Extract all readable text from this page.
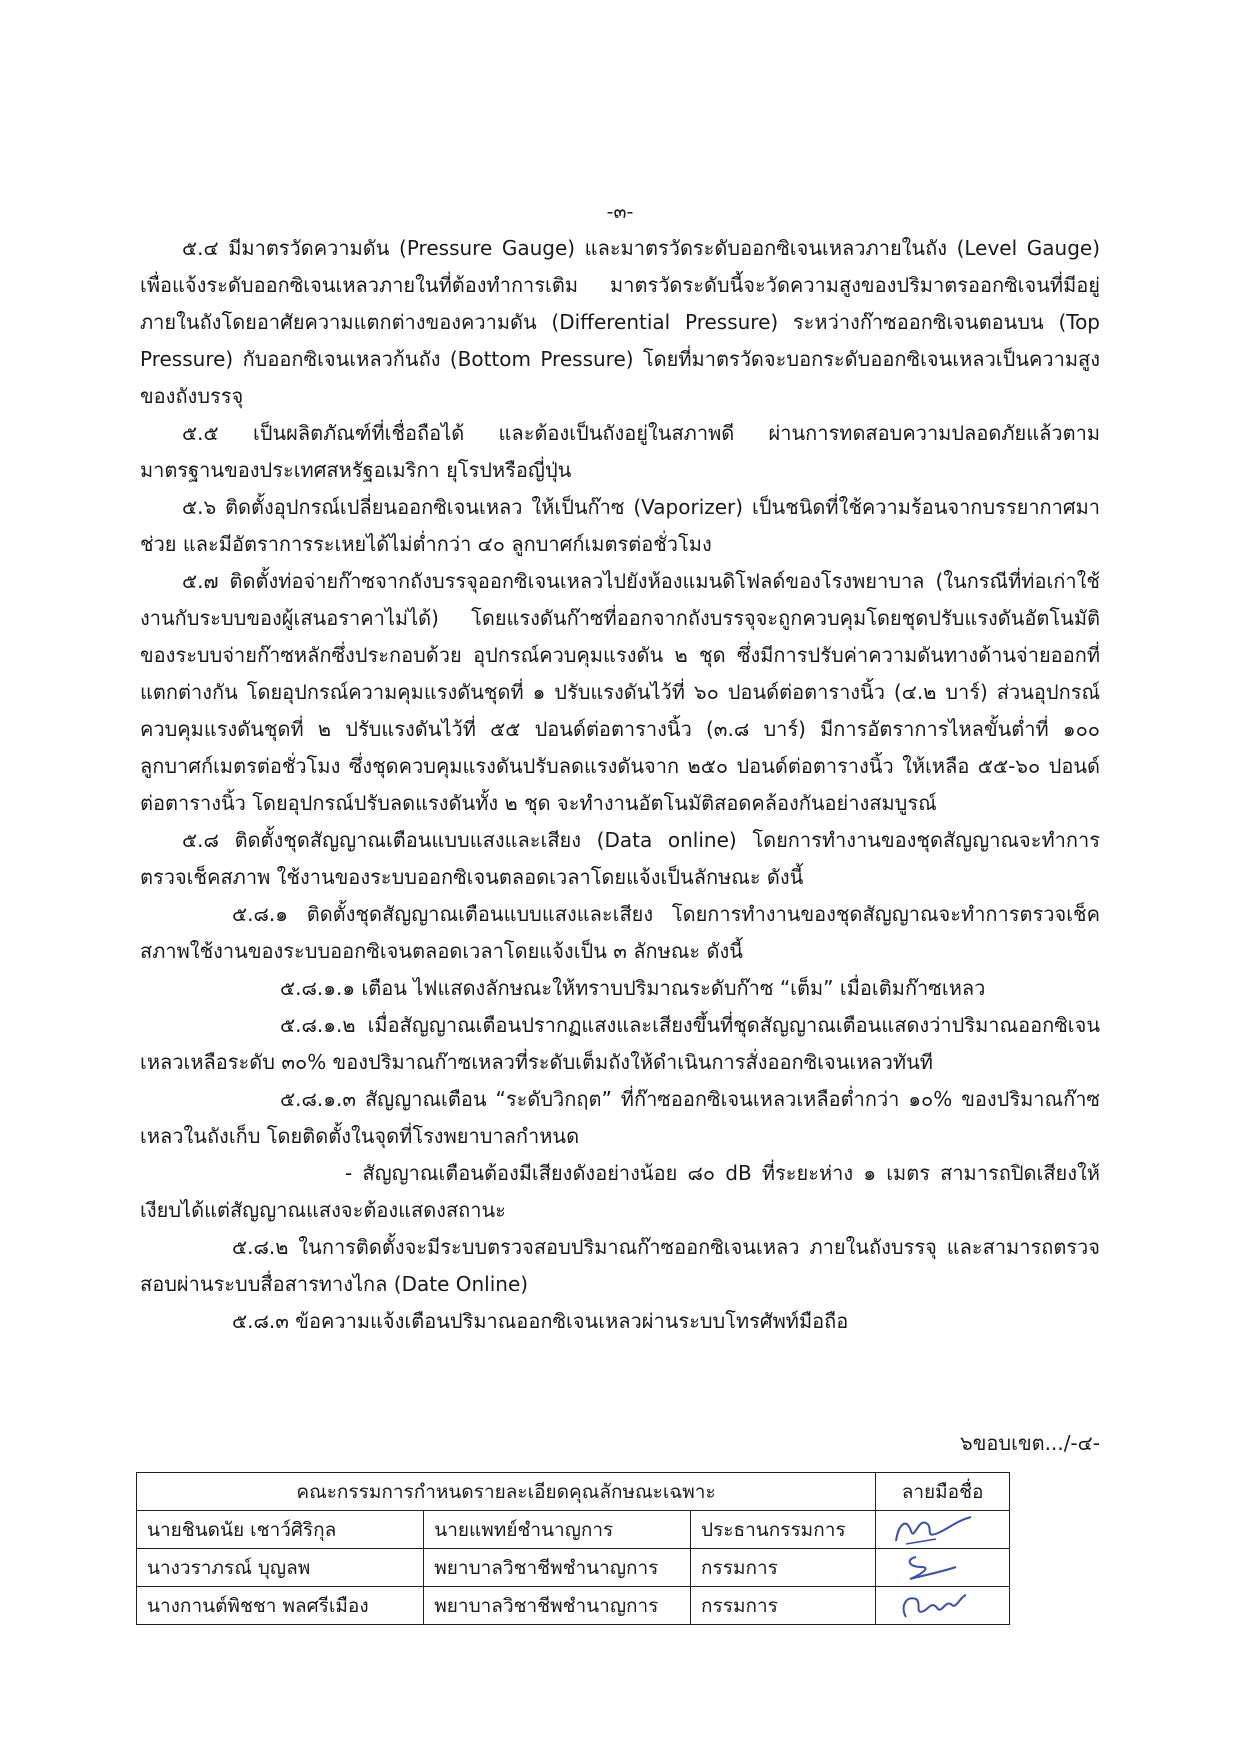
-๓-

๕.๔ มีมาตรวัดความดัน (Pressure Gauge) และมาตรวัดระดับออกซิเจนเหลวภายในถัง (Level Gauge) เพื่อแจ้งระดับออกซิเจนเหลวภายในที่ต้องทำการเติม มาตรวัดระดับนี้จะวัดความสูงของปริมาตรออกซิเจนที่มีอยู่ภายในถังโดยอาศัยความแตกต่างของความดัน (Differential Pressure) ระหว่างก๊าซออกซิเจนตอนบน (Top Pressure) กับออกซิเจนเหลวก้นถัง (Bottom Pressure) โดยที่มาตรวัดจะบอกระดับออกซิเจนเหลวเป็นความสูงของถังบรรจุ

๕.๕ เป็นผลิตภัณฑ์ที่เชื่อถือได้ และต้องเป็นถังอยู่ในสภาพดี ผ่านการทดสอบความปลอดภัยแล้วตามมาตรฐานของประเทศสหรัฐอเมริกา ยุโรปหรือญี่ปุ่น

๕.๖ ติดตั้งอุปกรณ์เปลี่ยนออกซิเจนเหลว ให้เป็นก๊าซ (Vaporizer) เป็นชนิดที่ใช้ความร้อนจากบรรยากาศมาช่วย และมีอัตราการระเหยได้ไม่ต่ำกว่า ๔๐ ลูกบาศก์เมตรต่อชั่วโมง

๕.๗ ติดตั้งท่อจ่ายก๊าซจากถังบรรจุออกซิเจนเหลวไปยังห้องแมนดิโฟลด์ของโรงพยาบาล (ในกรณีที่ท่อเก่าใช้งานกับระบบของผู้เสนอราคาไม่ได้) โดยแรงดันก๊าซที่ออกจากถังบรรจุจะถูกควบคุมโดยชุดปรับแรงดันอัตโนมัติของระบบจ่ายก๊าซหลักซึ่งประกอบด้วย อุปกรณ์ควบคุมแรงดัน ๒ ชุด ซึ่งมีการปรับค่าความดันทางด้านจ่ายออกที่แตกต่างกัน โดยอุปกรณ์ความคุมแรงดันชุดที่ ๑ ปรับแรงดันไว้ที่ ๖๐ ปอนด์ต่อตารางนิ้ว (๔.๒ บาร์) ส่วนอุปกรณ์ควบคุมแรงดันชุดที่ ๒ ปรับแรงดันไว้ที่ ๕๕ ปอนด์ต่อตารางนิ้ว (๓.๘ บาร์) มีการอัตราการไหลขั้นต่ำที่ ๑๐๐ ลูกบาศก์เมตรต่อชั่วโมง ซึ่งชุดควบคุมแรงดันปรับลดแรงดันจาก ๒๕๐ ปอนด์ต่อตารางนิ้ว ให้เหลือ ๕๕-๖๐ ปอนด์ต่อตารางนิ้ว โดยอุปกรณ์ปรับลดแรงดันทั้ง ๒ ชุด จะทำงานอัตโนมัติสอดคล้องกันอย่างสมบูรณ์

๕.๘ ติดตั้งชุดสัญญาณเตือนแบบแสงและเสียง (Data online) โดยการทำงานของชุดสัญญาณจะทำการตรวจเช็คสภาพ ใช้งานของระบบออกซิเจนตลอดเวลาโดยแจ้งเป็นลักษณะ ดังนี้

๕.๘.๑ ติดตั้งชุดสัญญาณเตือนแบบแสงและเสียง โดยการทำงานของชุดสัญญาณจะทำการตรวจเช็คสภาพใช้งานของระบบออกซิเจนตลอดเวลาโดยแจ้งเป็น ๓ ลักษณะ ดังนี้

๕.๘.๑.๑ เตือน ไฟแสดงลักษณะให้ทราบปริมาณระดับก๊าซ “เต็ม” เมื่อเติมก๊าซเหลว

๕.๘.๑.๒ เมื่อสัญญาณเตือนปรากฏแสงและเสียงขึ้นที่ชุดสัญญาณเตือนแสดงว่าปริมาณออกซิเจนเหลวเหลือระดับ ๓๐% ของปริมาณก๊าซเหลวที่ระดับเต็มถังให้ดำเนินการสั่งออกซิเจนเหลวทันที

๕.๘.๑.๓ สัญญาณเตือน “ระดับวิกฤต” ที่ก๊าซออกซิเจนเหลวเหลือต่ำกว่า ๑๐% ของปริมาณก๊าซเหลวในถังเก็บ โดยติดตั้งในจุดที่โรงพยาบาลกำหนด

- สัญญาณเตือนต้องมีเสียงดังอย่างน้อย ๘๐ dB ที่ระยะห่าง ๑ เมตร สามารถปิดเสียงให้เงียบได้แต่สัญญาณแสงจะต้องแสดงสถานะ

๕.๘.๒ ในการติดตั้งจะมีระบบตรวจสอบปริมาณก๊าซออกซิเจนเหลว ภายในถังบรรจุ และสามารถตรวจสอบผ่านระบบสื่อสารทางไกล (Date Online)

๕.๘.๓ ข้อความแจ้งเตือนปริมาณออกซิเจนเหลวผ่านระบบโทรศัพท์มือถือ

๖ขอบเขต.../-๔-
คณะกรรมการกำหนดรายละเอียดคุณลักษณะเฉพาะ			ลายมือชื่อ
นายชินดนัย เชาว์ศิริกุล	นายแพทย์ชำนาญการ	ประธานกรรมการ	

นางวราภรณ์ บุญลพ	พยาบาลวิชาชีพชำนาญการ	กรรมการ	

นางกานต์พิชชา พลศรีเมือง	พยาบาลวิชาชีพชำนาญการ	กรรมการ	
